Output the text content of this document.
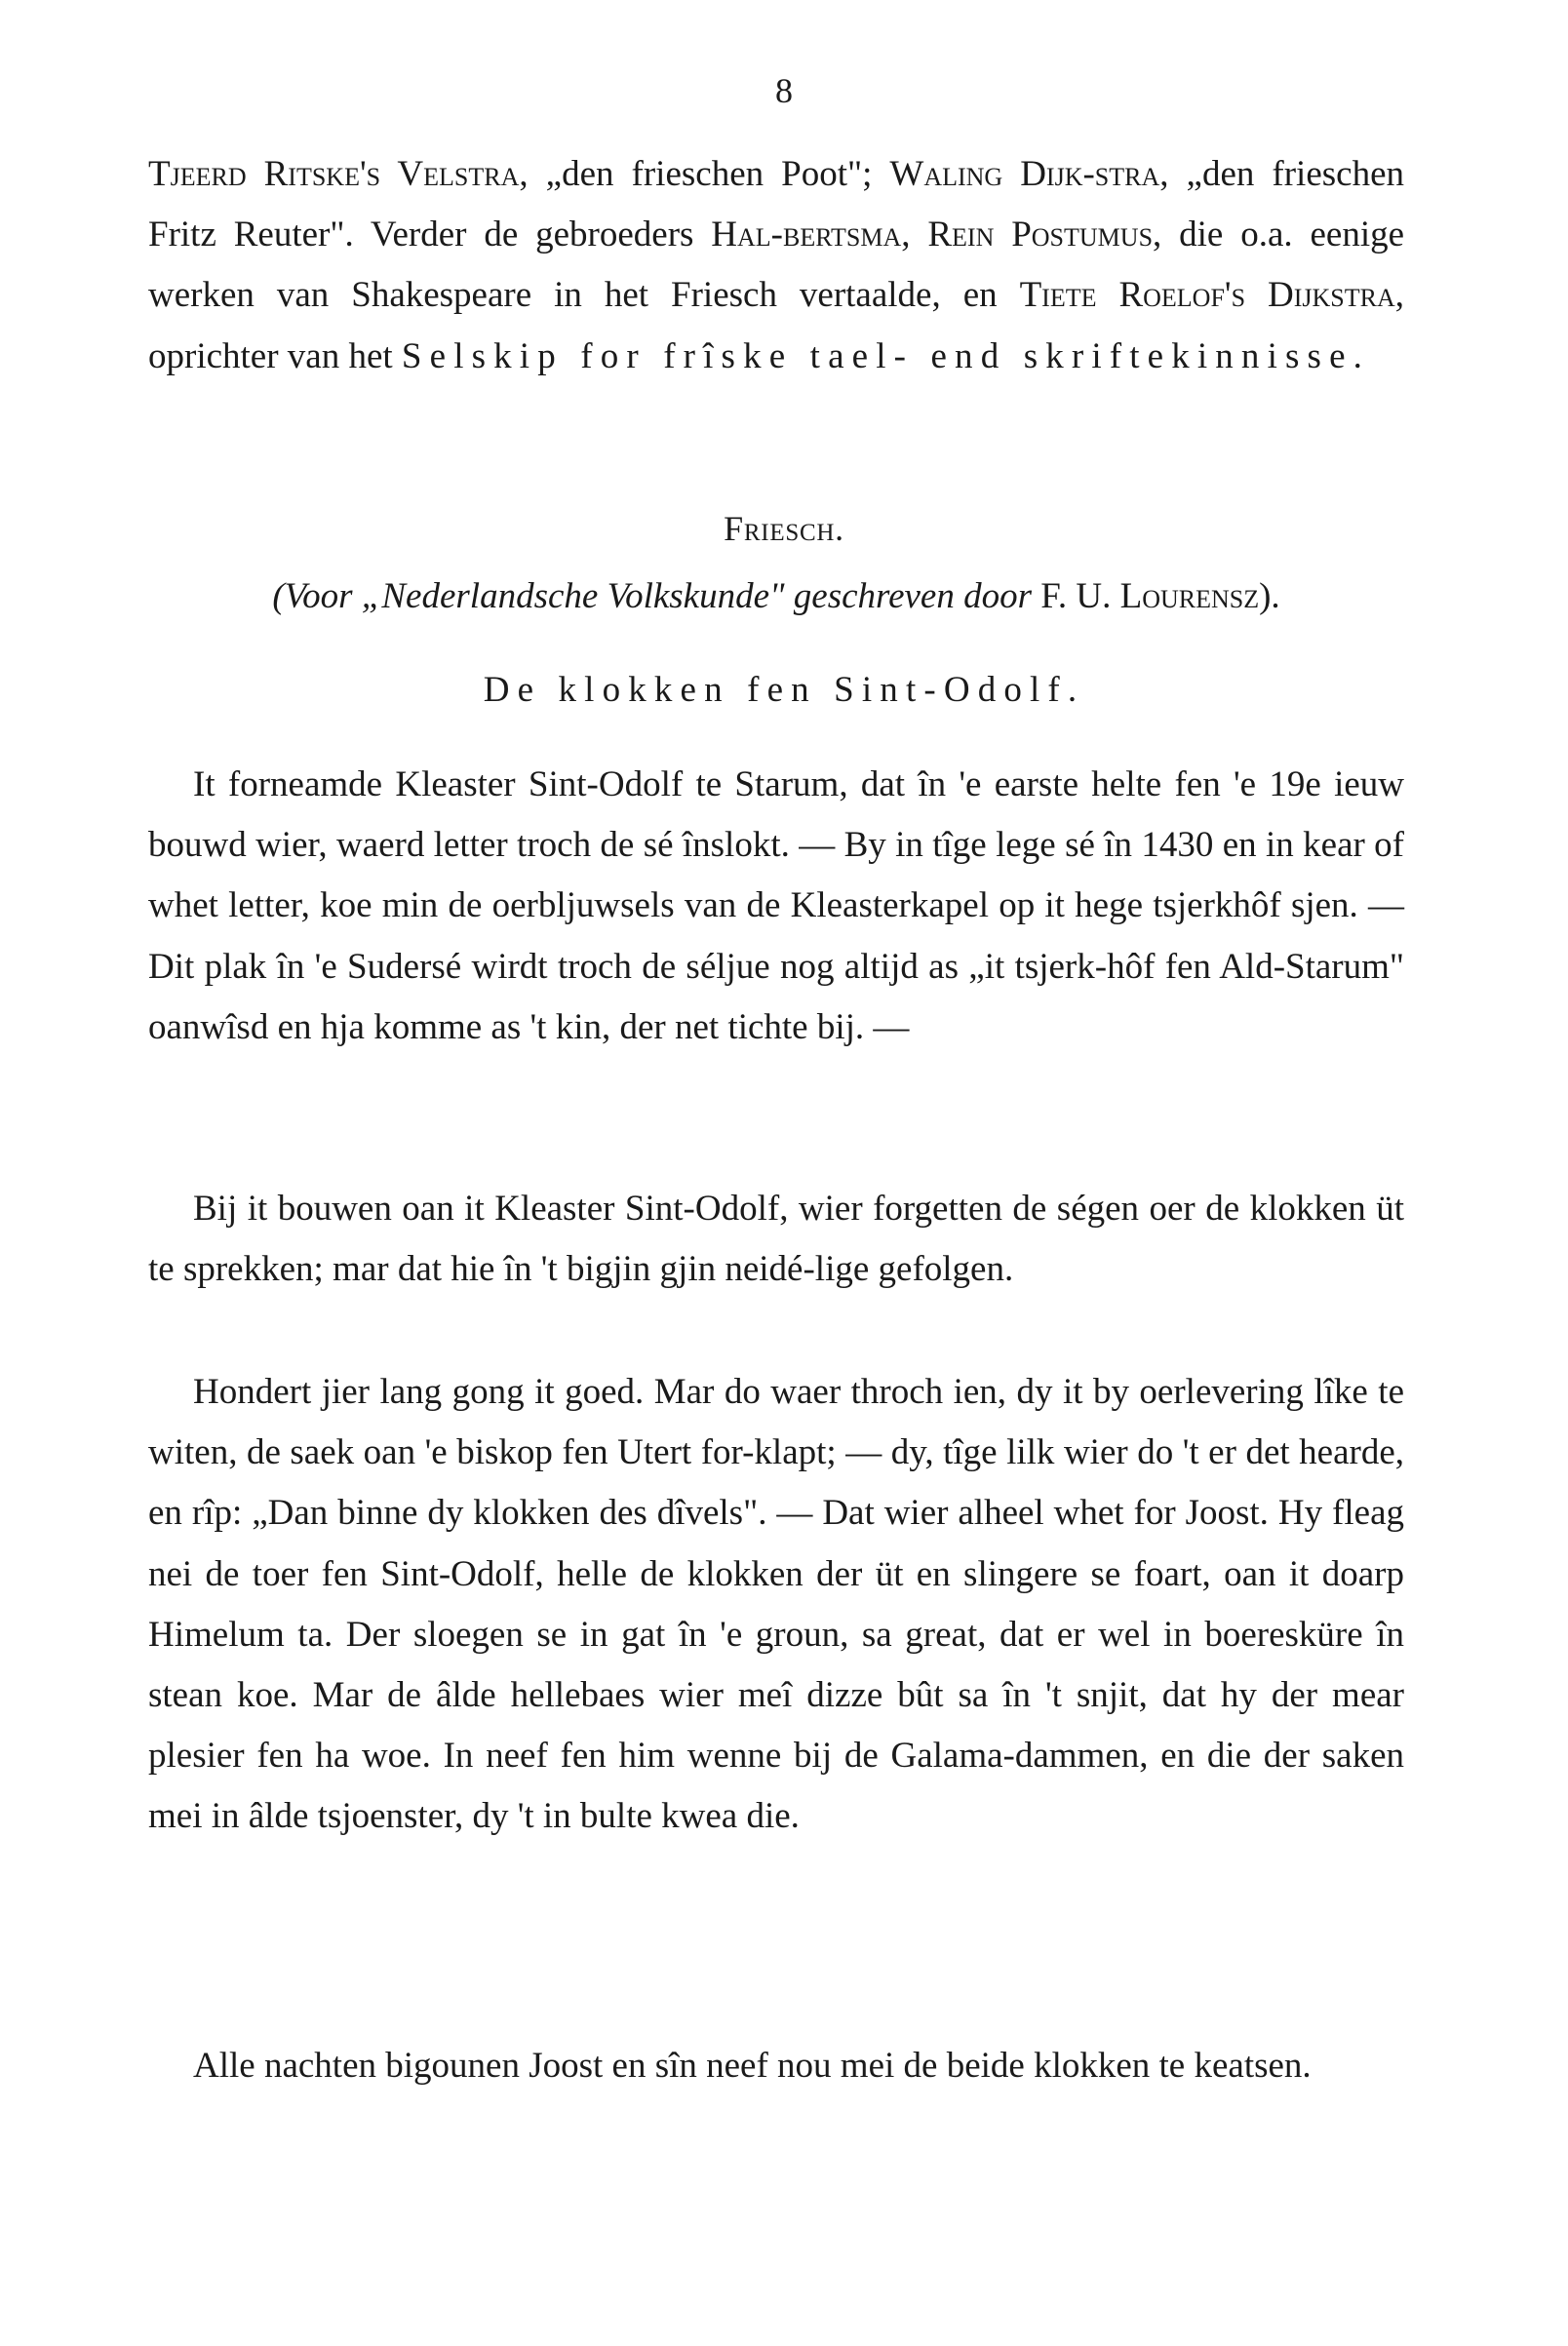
8
Tjeerd Ritske's Velstra, „den frieschen Poot"; Waling Dijk-stra, „den frieschen Fritz Reuter". Verder de gebroeders Hal-bertsma, Rein Postumus, die o.a. eenige werken van Shakespeare in het Friesch vertaalde, en Tiete Roelof's Dijkstra, oprichter van het Selskip for frîske tael- end skriftekinnisse.
Friesch.
(Voor „Nederlandsche Volkskunde" geschreven door F. U. Lourensz).
De klokken fen Sint-Odolf.

It forneamde Kleaster Sint-Odolf te Starum, dat în 'e earste helte fen 'e 19e ieuw bouwd wier, waerd letter troch de sé înslokt. — By in tîge lege sé în 1430 en in kear of whet letter, koe min de oerbljuwsels van de Kleasterkapel op it hege tsjerkhôf sjen. — Dit plak în 'e Sudersé wirdt troch de séljue nog altijd as „it tsjerk-hôf fen Ald-Starum" oanwîsd en hja komme as 't kin, der net tichte bij. —

Bij it bouwen oan it Kleaster Sint-Odolf, wier forgetten de ségen oer de klokken üt te sprekken; mar dat hie în 't bigjin gjin neidé-lige gefolgen.

Hondert jier lang gong it goed. Mar do waer throch ien, dy it by oerlevering lîke te witen, de saek oan 'e biskop fen Utert for-klapt; — dy, tîge lilk wier do 't er det hearde, en rîp: „Dan binne dy klokken des dîvels". — Dat wier alheel whet for Joost. Hy fleag nei de toer fen Sint-Odolf, helle de klokken der üt en slingere se foart, oan it doarp Himelum ta. Der sloegen se in gat în 'e groun, sa great, dat er wel in boeresküre în stean koe. Mar de âlde hellebaes wier meî dizze bût sa în 't snjit, dat hy der mear plesier fen ha woe. In neef fen him wenne bij de Galama-dammen, en die der saken mei in âlde tsjoenster, dy 't in bulte kwea die.

Alle nachten bigounen Joost en sîn neef nou mei de beide klokken te keatsen.
